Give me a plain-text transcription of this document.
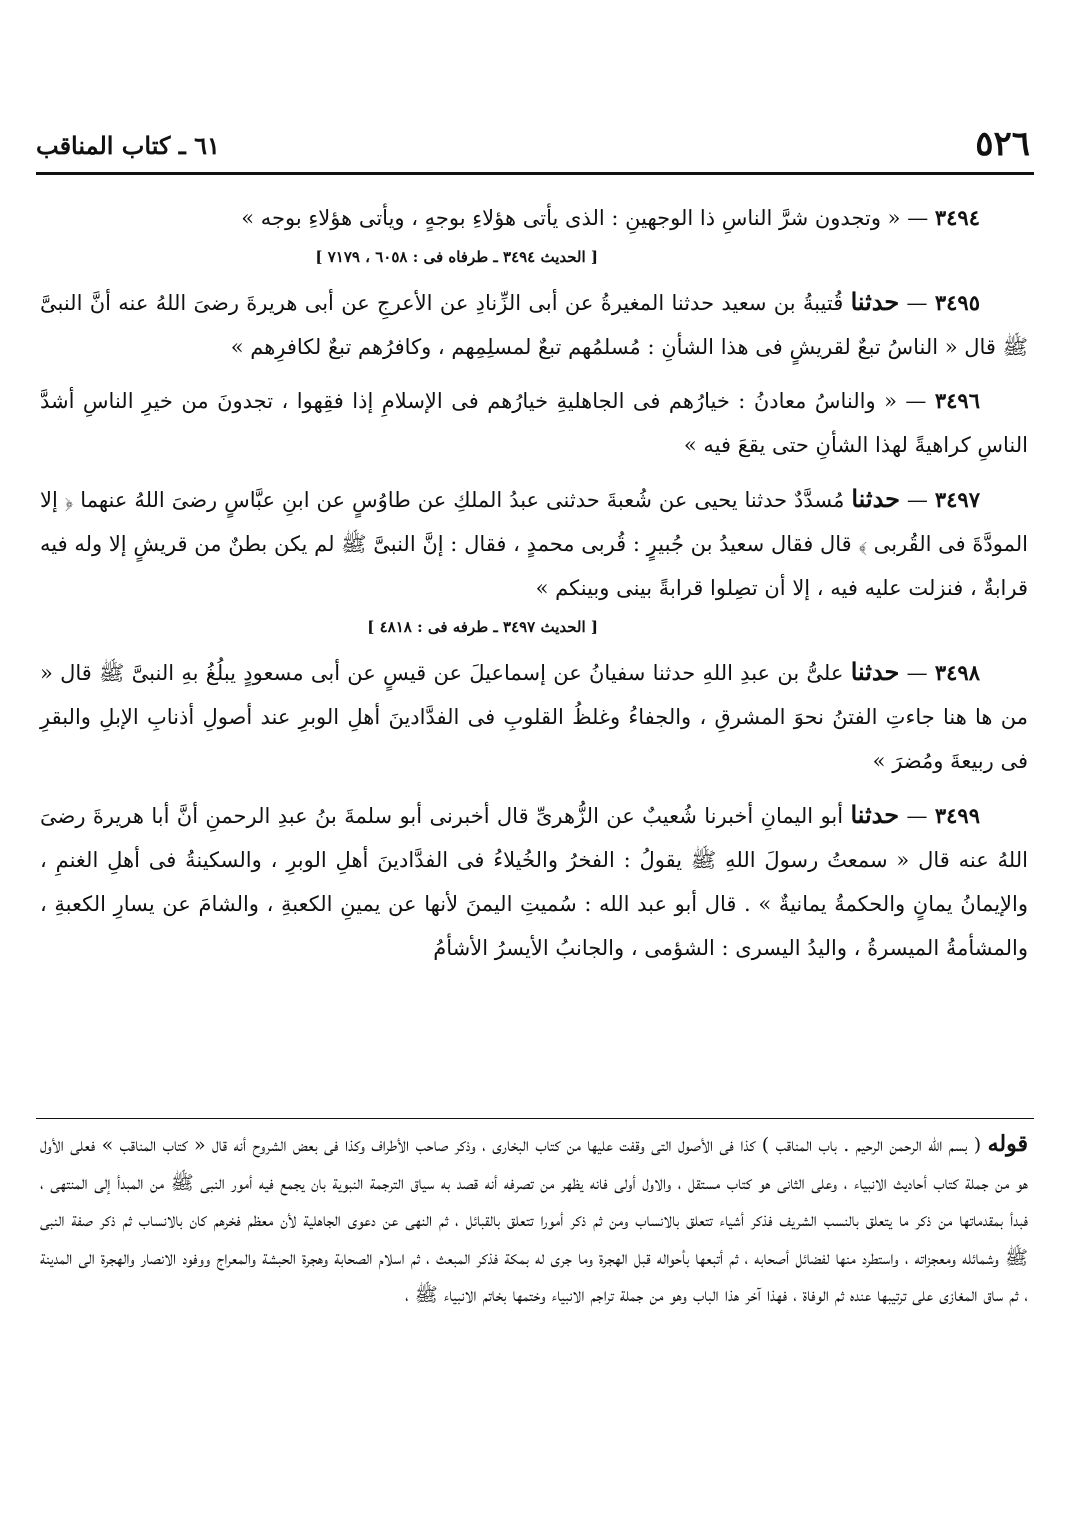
٥٢٦
٦١ ـ كتاب المناقب

٣٤٩٤ — « وتجدون شرَّ الناسِ ذا الوجهينِ : الذى يأتى هؤلاءِ بوجهٍ ، ويأتى هؤلاءِ بوجه »

[ الحديث ٣٤٩٤ ـ طرفاه فى : ٦٠٥٨ ، ٧١٧٩ ]

٣٤٩٥ — حدثنا قُتيبةُ بن سعيد حدثنا المغيرةُ عن أبى الزِّنادِ عن الأعرجِ عن أبى هريرةَ رضىَ اللهُ عنه أنَّ النبىَّ ﷺ قال « الناسُ تبعٌ لقريشٍ فى هذا الشأنِ : مُسلمُهم تبعٌ لمسلِمِهم ، وكافرُهم تبعٌ لكافرِهم »

٣٤٩٦ — « والناسُ معادنُ : خيارُهم فى الجاهليةِ خيارُهم فى الإسلامِ إذا فقِهوا ، تجدونَ من خيرِ الناسِ أشدَّ الناسِ كراهيةً لهذا الشأنِ حتى يقعَ فيه »

٣٤٩٧ — حدثنا مُسدَّدٌ حدثنا يحيى عن شُعبةَ حدثنى عبدُ الملكِ عن طاوُسٍ عن ابنِ عبَّاسٍ رضىَ اللهُ عنهما ﴿ إلا المودَّةَ فى القُربى ﴾ قال فقال سعيدُ بن جُبيرٍ : قُربى محمدٍ ، فقال : إنَّ النبىَّ ﷺ لم يكن بطنٌ من قريشٍ إلا وله فيه قرابةٌ ، فنزلت عليه فيه ، إلا أن تصِلوا قرابةً بينى وبينكم »

[ الحديث ٣٤٩٧ ـ طرفه فى : ٤٨١٨ ]

٣٤٩٨ — حدثنا علىُّ بن عبدِ اللهِ حدثنا سفيانُ عن إسماعيلَ عن قيسٍ عن أبى مسعودٍ يبلُغُ بهِ النبىَّ ﷺ قال « من ها هنا جاءتِ الفتنُ نحوَ المشرقِ ، والجفاءُ وغلظُ القلوبِ فى الفدَّادينَ أهلِ الوبرِ عند أصولِ أذنابِ الإبلِ والبقرِ فى ربيعةَ ومُضرَ »

٣٤٩٩ — حدثنا أبو اليمانِ أخبرنا شُعيبٌ عن الزُّهرىِّ قال أخبرنى أبو سلمةَ بنُ عبدِ الرحمنِ أنَّ أبا هريرةَ رضىَ اللهُ عنه قال « سمعتُ رسولَ اللهِ ﷺ يقولُ : الفخرُ والخُيلاءُ فى الفدَّادينَ أهلِ الوبرِ ، والسكينةُ فى أهلِ الغنمِ ، والإيمانُ يمانٍ والحكمةُ يمانيةٌ » . قال أبو عبد الله : سُميتِ اليمنَ لأنها عن يمينِ الكعبةِ ، والشامَ عن يسارِ الكعبةِ ، والمشأمةُ الميسرةُ ، واليدُ اليسرى : الشؤمى ، والجانبُ الأيسرُ الأشأمُ

قوله ( بسم الله الرحمن الرحيم . باب المناقب ) كذا فى الأصول التى وقفت عليها من كتاب البخارى ، وذكر صاحب الأطراف وكذا فى بعض الشروح أنه قال « كتاب المناقب » فعلى الأول هو من جملة كتاب أحاديث الانبياء ، وعلى الثانى هو كتاب مستقل ، والاول أولى فانه يظهر من تصرفه أنه قصد به سياق الترجمة النبوية بان يجمع فيه أمور النبى ﷺ من المبدأ إلى المنتهى ، فبدأ بمقدماتها من ذكر ما يتعلق بالنسب الشريف فذكر أشياء تتعلق بالانساب ومن ثم ذكر أمورا تتعلق بالقبائل ، ثم النهى عن دعوى الجاهلية لأن معظم فخرهم كان بالانساب ثم ذكر صفة النبى ﷺ وشمائله ومعجزاته ، واستطرد منها لفضائل أصحابه ، ثم أتبعها بأحواله قبل الهجرة وما جرى له بمكة فذكر المبعث ، ثم اسلام الصحابة وهجرة الحبشة والمعراج ووفود الانصار والهجرة الى المدينة ، ثم ساق المغازى على ترتيبها عنده ثم الوفاة ، فهذا آخر هذا الباب وهو من جملة تراجم الانبياء وختمها بخاتم الانبياء ﷺ ،
